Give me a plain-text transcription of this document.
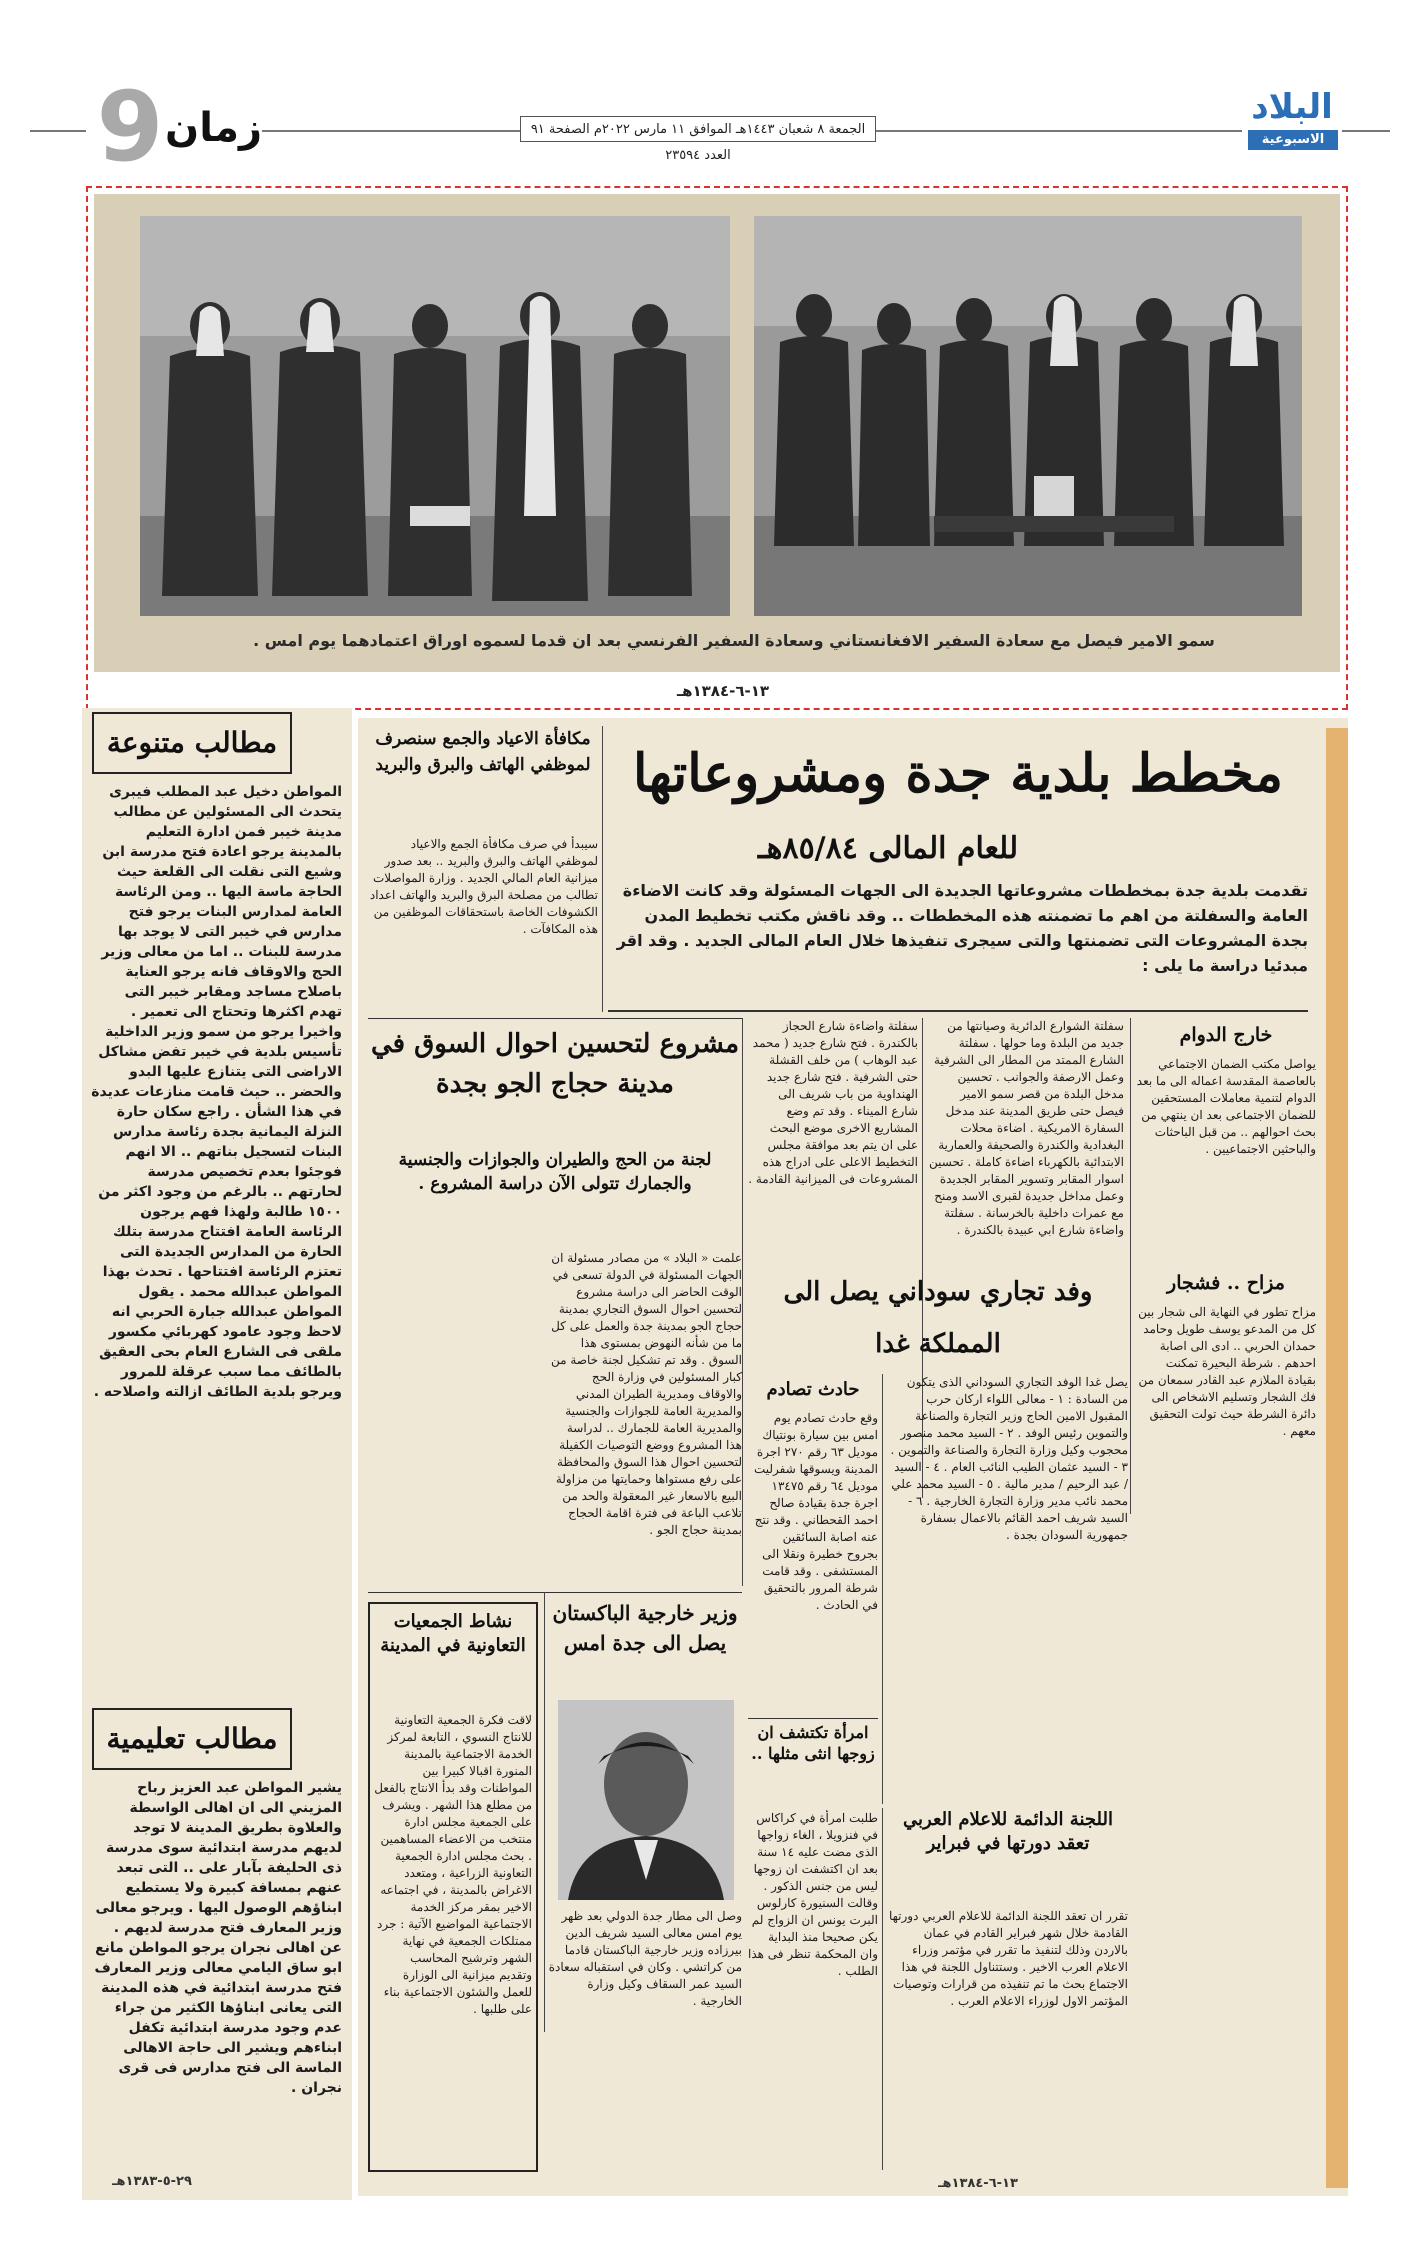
9 زمان	الجمعة ٨ شعبان ١٤٤٣هـ الموافق ١١ مارس ٢٠٢٢م الصفحة ٩١ العدد ٢٣٥٩٤
البلاد
الاسبوعية
سمو الامير فيصل مع سعادة السفير الافغانستاني وسعادة السفير الفرنسي بعد ان قدما لسموه اوراق اعتمادهما يوم امس .
١٣-٦-١٣٨٤هـ
مطالب متنوعة
المواطن دخيل عبد المطلب فيبرى يتحدث الى المسئولين عن مطالب مدينة خيبر فمن ادارة التعليم بالمدينة يرجو اعادة فتح مدرسة ابن وشيع التى نقلت الى القلعة حيث الحاجة ماسة اليها .. ومن الرئاسة العامة لمدارس البنات يرجو فتح مدارس في خيبر التى لا يوجد بها مدرسة للبنات .. اما من معالى وزير الحج والاوقاف فانه يرجو العناية باصلاح مساجد ومقابر خيبر التى تهدم اكثرها وتحتاج الى تعمير . واخيرا يرجو من سمو وزير الداخلية تأسيس بلدية في خيبر تفض مشاكل الاراضى التى يتنازع عليها البدو والحضر .. حيث قامت منازعات عديدة في هذا الشأن . راجع سكان حارة النزلة اليمانية بجدة رئاسة مدارس البنات لتسجيل بناتهم .. الا انهم فوجئوا بعدم تخصيص مدرسة لحارتهم .. بالرغم من وجود اكثر من ١٥٠٠ طالبة ولهذا فهم يرجون الرئاسة العامة افتتاح مدرسة بتلك الحارة من المدارس الجديدة التى تعتزم الرئاسة افتتاحها . تحدث بهذا المواطن عبدالله محمد . يقول المواطن عبدالله جبارة الحربي انه لاحظ وجود عامود كهربائي مكسور ملقى فى الشارع العام بحى العقيق بالطائف مما سبب عرقلة للمرور ويرجو بلدية الطائف ازالته واصلاحه .
مطالب تعليمية
يشير المواطن عبد العزيز رباح المزيني الى ان اهالى الواسطة والعلاوة بطريق المدينة لا توجد لديهم مدرسة ابتدائية سوى مدرسة ذى الحليفة بآبار على .. التى تبعد عنهم بمسافة كبيرة ولا يستطيع ابناؤهم الوصول اليها . ويرجو معالى وزير المعارف فتح مدرسة لديهم . عن اهالى نجران يرجو المواطن مانع ابو ساق اليامي معالى وزير المعارف فتح مدرسة ابتدائية في هذه المدينة التى يعانى ابناؤها الكثير من جراء عدم وجود مدرسة ابتدائية تكفل ابناءهم ويشير الى حاجة الاهالى الماسة الى فتح مدارس فى قرى نجران .
٢٩-٥-١٣٨٣هـ
مخطط بلدية جدة ومشروعاتها
للعام المالى ٨٥/٨٤هـ
تقدمت بلدية جدة بمخططات مشروعاتها الجديدة الى الجهات المسئولة وقد كانت الاضاءة العامة والسفلتة من اهم ما تضمنته هذه المخططات .. وقد ناقش مكتب تخطيط المدن بجدة المشروعات التى تضمنتها والتى سيجرى تنفيذها خلال العام المالى الجديد . وقد اقر مبدئيا دراسة ما يلى :
مكافأة الاعياد والجمع سنصرف لموظفي الهاتف والبرق والبريد
سيبدأ في صرف مكافأة الجمع والاعياد لموظفي الهاتف والبرق والبريد .. بعد صدور ميزانية العام المالي الجديد . وزارة المواصلات تطالب من مصلحة البرق والبريد والهاتف اعداد الكشوفات الخاصة باستحقاقات الموظفين من هذه المكافآت .
خارج الدوام
يواصل مكتب الضمان الاجتماعي بالعاصمة المقدسة اعماله الى ما بعد الدوام لتنمية معاملات المستحقين للضمان الاجتماعى بعد ان ينتهي من بحث احوالهم .. من قبل الباحثات والباحثين الاجتماعيين .
مزاح .. فشجار
مزاح تطور في النهاية الى شجار بين كل من المدعو يوسف طويل وحامد حمدان الحربي .. ادى الى اصابة احدهم . شرطة البحيرة تمكنت بقيادة الملازم عبد القادر سمعان من فك الشجار وتسليم الاشخاص الى دائرة الشرطة حيث تولت التحقيق معهم .
سفلتة الشوارع الدائرية وصيانتها من جديد من البلدة وما حولها . سفلتة الشارع الممتد من المطار الى الشرفية وعمل الارصفة والجوانب . تحسين مدخل البلدة من قصر سمو الامير فيصل حتى طريق المدينة عند مدخل السفارة الامريكية . اضاءة محلات البغدادية والكندرة والصحيفة والعمارية الابتدائية بالكهرباء اضاءة كاملة . تحسين اسوار المقابر وتسوير المقابر الجديدة وعمل مداخل جديدة لقبرى الاسد ومنح مع عمرات داخلية بالخرسانة . سفلتة واضاءة شارع ابي عبيدة بالكندرة .
سفلتة واضاءة شارع الحجاز بالكندرة . فتح شارع جديد ( محمد عبد الوهاب ) من خلف القشلة حتى الشرفية . فتح شارع جديد الهنداوية من باب شريف الى شارع الميناء . وقد تم وضع المشاريع الاخرى موضع البحث على ان يتم بعد موافقة مجلس التخطيط الاعلى على ادراج هذه المشروعات فى الميزانية القادمة .
مشروع لتحسين احوال السوق في مدينة حجاج الجو بجدة
لجنة من الحج والطيران والجوازات والجنسية والجمارك تتولى الآن دراسة المشروع .
علمت « البلاد » من مصادر مسئولة ان الجهات المسئولة في الدولة تسعى في الوقت الحاضر الى دراسة مشروع لتحسين احوال السوق التجاري بمدينة حجاج الجو بمدينة جدة والعمل على كل ما من شأنه النهوض بمستوى هذا السوق . وقد تم تشكيل لجنة خاصة من كبار المسئولين في وزارة الحج والاوقاف ومديرية الطيران المدني والمديرية العامة للجوازات والجنسية والمديرية العامة للجمارك .. لدراسة هذا المشروع ووضع التوصيات الكفيلة لتحسين احوال هذا السوق والمحافظة على رفع مستواها وحمايتها من مزاولة البيع بالاسعار غير المعقولة والحد من تلاعب الباعة فى فترة اقامة الحجاج بمدينة حجاج الجو .
وفد تجاري سوداني يصل الى المملكة غدا
يصل غدا الوفد التجاري السوداني الذى يتكون من السادة : ١ - معالى اللواء اركان حرب المقبول الامين الحاج وزير التجارة والصناعة والتموين رئيس الوفد . ٢ - السيد محمد منصور محجوب وكيل وزارة التجارة والصناعة والتموين . ٣ - السيد عثمان الطيب النائب العام . ٤ - السيد / عبد الرحيم / مدير مالية . ٥ - السيد محمد علي محمد نائب مدير وزارة التجارة الخارجية . ٦ - السيد شريف احمد القائم بالاعمال بسفارة جمهورية السودان بجدة .
حادث تصادم
وقع حادث تصادم يوم امس بين سيارة بونتياك موديل ٦٣ رقم ٢٧٠ اجرة المدينة ويسوقها شفرليت موديل ٦٤ رقم ١٣٤٧٥ اجرة جدة بقيادة صالح احمد القحطاني . وقد نتج عنه اصابة السائقين بجروح خطيرة ونقلا الى المستشفى . وقد قامت شرطة المرور بالتحقيق في الحادث .
امرأة تكتشف ان زوجها انثى مثلها ..
طلبت امرأة في كراكاس في فنزويلا ، الغاء زواجها الذى مضت عليه ١٤ سنة بعد ان اكتشفت ان زوجها ليس من جنس الذكور . وقالت السنيورة كارلوس البرت يونس ان الزواج لم يكن صحيحا منذ البداية وان المحكمة تنظر فى هذا الطلب .
اللجنة الدائمة للاعلام العربي تعقد دورتها في فبراير
تقرر ان تعقد اللجنة الدائمة للاعلام العربي دورتها القادمة خلال شهر فبراير القادم في عمان بالاردن وذلك لتنفيذ ما تقرر في مؤتمر وزراء الاعلام العرب الاخير . وستتناول اللجنة في هذا الاجتماع بحث ما تم تنفيذه من قرارات وتوصيات المؤتمر الاول لوزراء الاعلام العرب .
وزير خارجية الباكستان يصل الى جدة امس
وصل الى مطار جدة الدولي بعد ظهر يوم امس معالى السيد شريف الدين بيرزاده وزير خارجية الباكستان قادما من كراتشي . وكان في استقباله سعادة السيد عمر السقاف وكيل وزارة الخارجية .
نشاط الجمعيات التعاونية في المدينة
لاقت فكرة الجمعية التعاونية للانتاج النسوي ، التابعة لمركز الخدمة الاجتماعية بالمدينة المنورة اقبالا كبيرا بين المواطنات وقد بدأ الانتاج بالفعل من مطلع هذا الشهر . ويشرف على الجمعية مجلس ادارة منتخب من الاعضاء المساهمين . بحث مجلس ادارة الجمعية التعاونية الزراعية ، ومتعدد الاغراض بالمدينة ، في اجتماعه الاخير بمقر مركز الخدمة الاجتماعية المواضيع الآتية : جرد ممتلكات الجمعية في نهاية الشهر وترشيح المحاسب وتقديم ميزانية الى الوزارة للعمل والشئون الاجتماعية بناء على طلبها .
١٣-٦-١٣٨٤هـ
